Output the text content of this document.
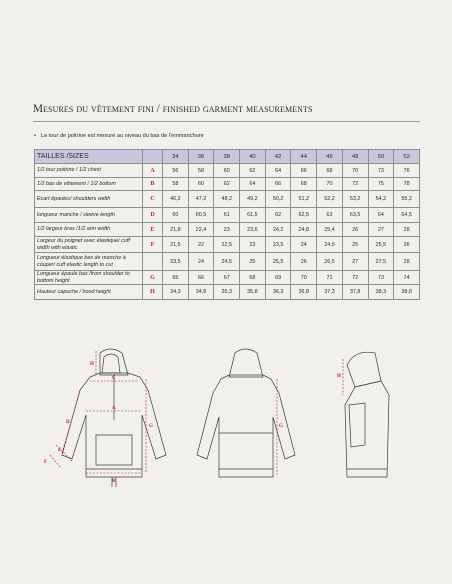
Mesures du vêtement fini / finished garment measurements
• Le tour de poitrine est mesuré au niveau du bas de l'emmanchure
TAILLES /SIZES		34	36	38	40	42	44	46	48	50	52
1/2 tour poitrine / 1/2 chest	A	56	58	60	62	64	66	68	70	73	76
1/2 bas de vêtement / 1/2 bottom	B	58	60	62	64	66	68	70	72	75	78
Ecart épaules/ shoulders width	C	46,2	47,2	48,2	49,2	50,2	51,2	52,2	53,2	54,2	55,2
longueur manche / sleeve length	D	60	60,5	61	61,5	62	62,5	63	63,5	64	64,5
1/2 largeur bras /1/2 arm width	E	21,8	22,4	23	23,6	24,2	24,8	25,4	26	27	28
Largeur du poignet avec élastique/ cuff width with elastic	F	21,5	22	22,5	23	23,5	24	24,5	25	25,5	26
Longueur élastique bas de manche à couper/ cuff elastic length to cut		23,5	24	24,5	25	25,5	26	26,5	27	27,5	28
Longueur épaule bas /from shoulder to bottom height	G	65	66	67	68	69	70	71	72	73	74
Hauteur capuche / hood height	H	34,3	34,8	35,3	35,8	36,3	36,8	37,3	37,8	38,3	38,8
A
B
C
D
E
F
G
H
G
H
